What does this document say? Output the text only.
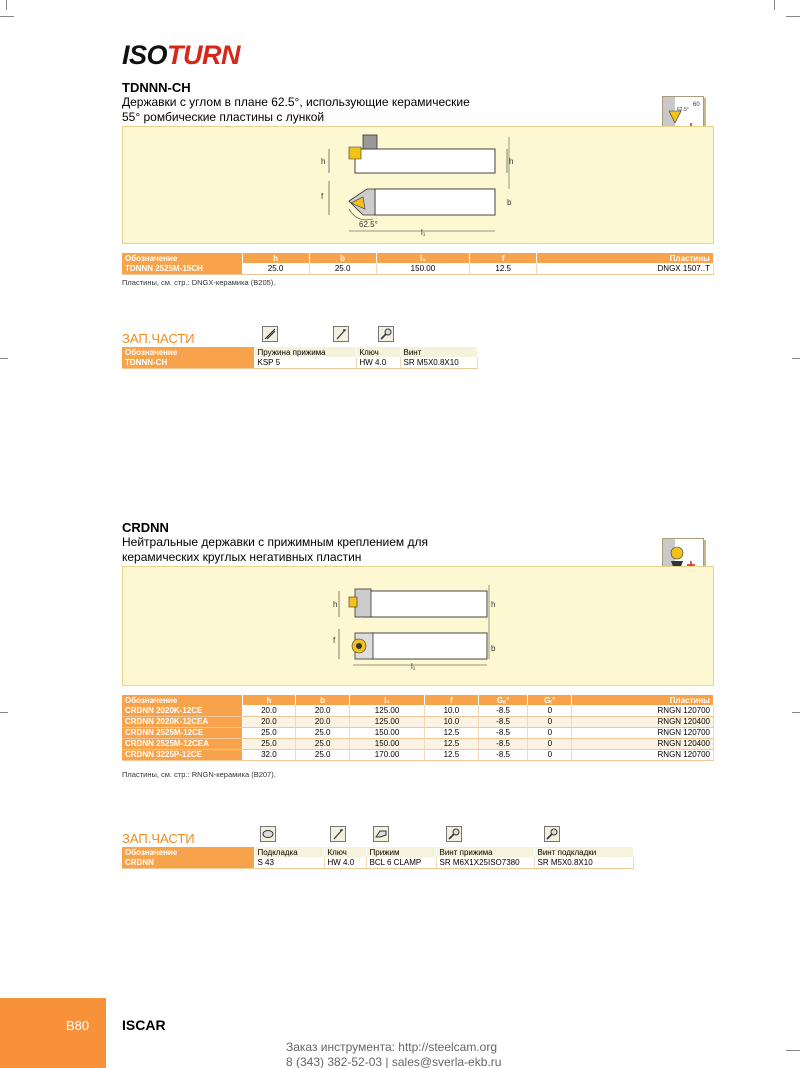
ISOTURN
TDNNN-CH
Державки с углом в плане 62.5°, использующие керамические
55° ромбические пластины с лункой
60
62.5°
h	h
f
b
62.5°
l₁
Обозначение	h	b	l₁	f	Пластины
TDNNN 2525M-15CH	25.0	25.0	150.00	12.5	DNGX 1507..T
Пластины, см. стр.: DNGX-керамика (B205).
ЗАП.ЧАСТИ
Обозначение	Пружина прижима	Ключ	Винт
TDNNN-CH	KSP 5	HW 4.0	SR M5X0.8X10
CRDNN
Нейтральные державки с прижимным креплением для
керамических круглых негативных пластин
h	h
f
b
l₁
Обозначение	h	b	l₁	f	Gₐ°	Gᵣ°	Пластины
CRDNN 2020K-12CE	20.0	20.0	125.00	10.0	-8.5	0	RNGN 120700
CRDNN 2020K-12CEA	20.0	20.0	125.00	10.0	-8.5	0	RNGN 120400
CRDNN 2525M-12CE	25.0	25.0	150.00	12.5	-8.5	0	RNGN 120700
CRDNN 2525M-12CEA	25.0	25.0	150.00	12.5	-8.5	0	RNGN 120400
CRDNN 3225P-12CE	32.0	25.0	170.00	12.5	-8.5	0	RNGN 120700
Пластины, см. стр.: RNGN-керамика (B207).
ЗАП.ЧАСТИ
Обозначение	Подкладка	Ключ	Прижим	Винт прижима	Винт подкладки
CRDNN	S 43	HW 4.0	BCL 6 CLAMP	SR M6X1X25ISO7380	SR M5X0.8X10
B80 ISCAR
Заказ инструмента: http://steelcam.org
8 (343) 382-52-03 | sales@sverla-ekb.ru
